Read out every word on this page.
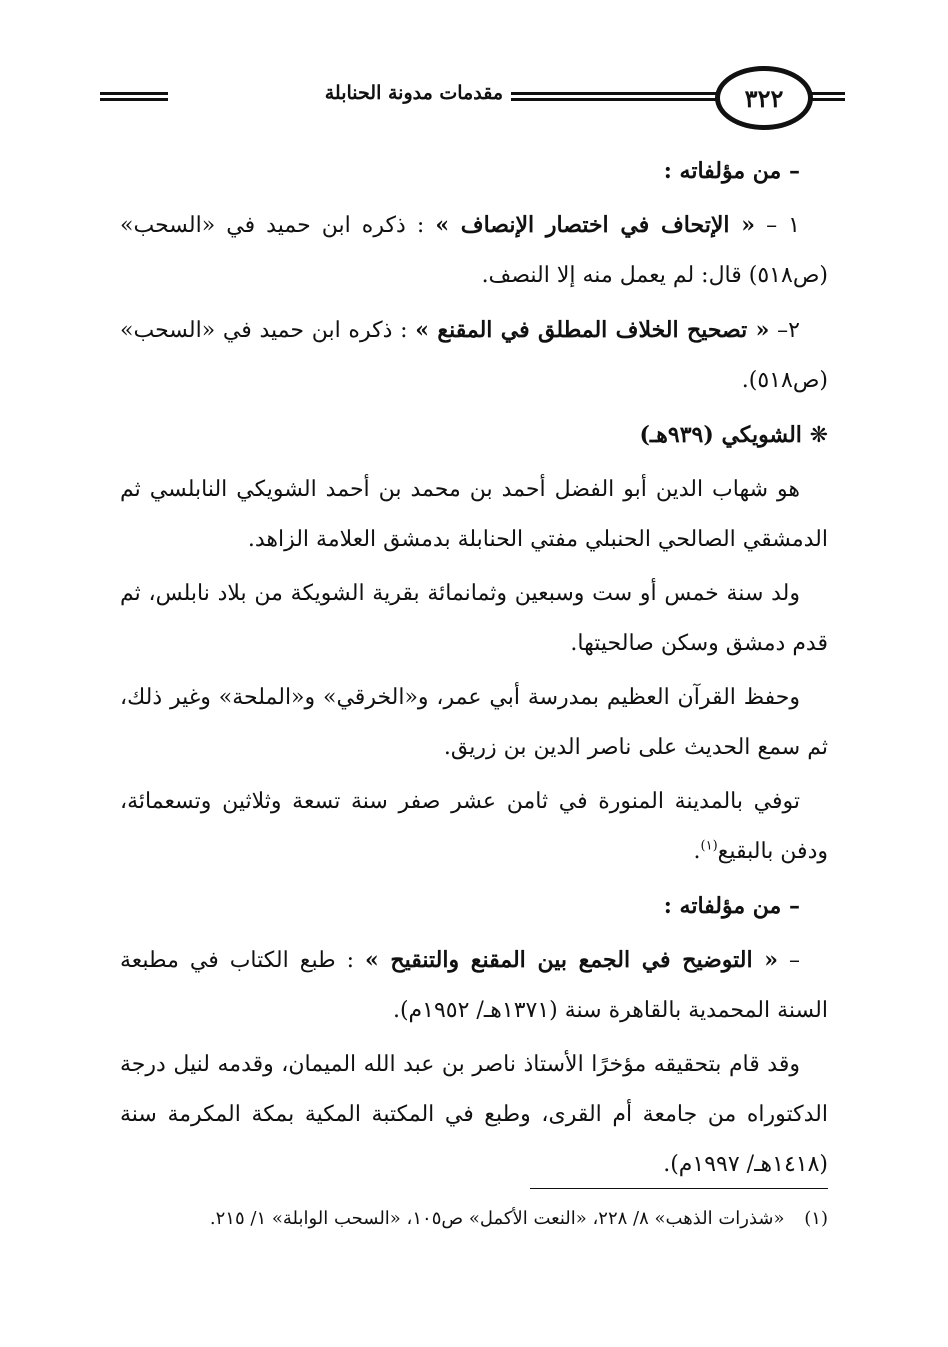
٣٢٢
مقدمات مدونة الحنابلة

– من مؤلفاته :

١ – « الإتحاف في اختصار الإنصاف » : ذكره ابن حميد في «السحب» (ص٥١٨) قال: لم يعمل منه إلا النصف.

٢– « تصحيح الخلاف المطلق في المقنع » : ذكره ابن حميد في «السحب» (ص٥١٨).

❋ الشويكي (٩٣٩هـ)

هو شهاب الدين أبو الفضل أحمد بن محمد بن أحمد الشويكي النابلسي ثم الدمشقي الصالحي الحنبلي مفتي الحنابلة بدمشق العلامة الزاهد.

ولد سنة خمس أو ست وسبعين وثمانمائة بقرية الشويكة من بلاد نابلس، ثم قدم دمشق وسكن صالحيتها.

وحفظ القرآن العظيم بمدرسة أبي عمر، و«الخرقي» و«الملحة» وغير ذلك، ثم سمع الحديث على ناصر الدين بن زريق.

توفي بالمدينة المنورة في ثامن عشر صفر سنة تسعة وثلاثين وتسعمائة، ودفن بالبقيع$^{(١)}$.

– من مؤلفاته :

– « التوضيح في الجمع بين المقنع والتنقيح » : طبع الكتاب في مطبعة السنة المحمدية بالقاهرة سنة (١٣٧١هـ/ ١٩٥٢م).

وقد قام بتحقيقه مؤخرًا الأستاذ ناصر بن عبد الله الميمان، وقدمه لنيل درجة الدكتوراه من جامعة أم القرى، وطبع في المكتبة المكية بمكة المكرمة سنة (١٤١٨هـ/ ١٩٩٧م).

(١) «شذرات الذهب» ٨/ ٢٢٨، «النعت الأكمل» ص١٠٥، «السحب الوابلة» ١/ ٢١٥.
